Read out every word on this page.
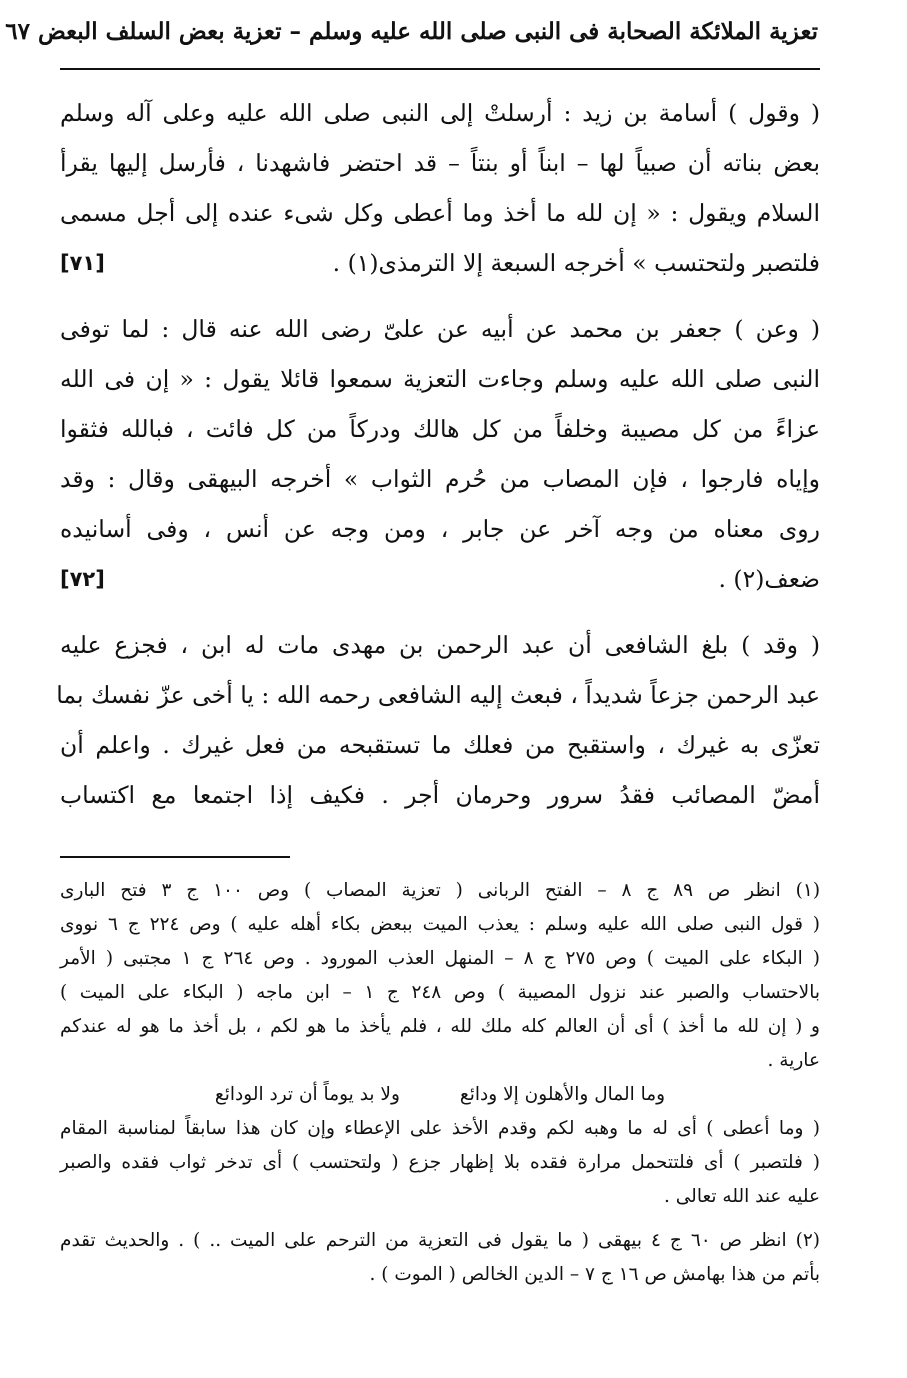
تعزية الملائكة الصحابة فى النبى صلى الله عليه وسلم – تعزية بعض السلف البعض
٦٧
( وقول ) أسامة بن زيد : أرسلتْ إلى النبى صلى الله عليه وعلى آله وسلم
بعض بناته أن صبياً لها – ابناً أو بنتاً – قد احتضر فاشهدنا ، فأرسل إليها يقرأ
السلام ويقول : « إن لله ما أخذ وما أعطى وكل شىء عنده إلى أجل مسمى
فلتصبر ولتحتسب » أخرجه السبعة إلا الترمذى(١) .
[٧١]
( وعن ) جعفر بن محمد عن أبيه عن علىّ رضى الله عنه قال : لما توفى
النبى صلى الله عليه وسلم وجاءت التعزية سمعوا قائلا يقول : « إن فى الله
عزاءً من كل مصيبة وخلفاً من كل هالك ودركاً من كل فائت ، فبالله فثقوا
وإياه فارجوا ، فإن المصاب من حُرم الثواب » أخرجه البيهقى وقال : وقد
روى معناه من وجه آخر عن جابر ، ومن وجه عن أنس ، وفى أسانيده
ضعف(٢) .
[٧٢]
( وقد ) بلغ الشافعى أن عبد الرحمن بن مهدى مات له ابن ، فجزع عليه
عبد الرحمن جزعاً شديداً ، فبعث إليه الشافعى رحمه الله : يا أخى عزّ نفسك بما
تعزّى به غيرك ، واستقبح من فعلك ما تستقبحه من فعل غيرك . واعلم أن
أمضّ المصائب فقدُ سرور وحرمان أجر . فكيف إذا اجتمعا مع اكتساب
(١) انظر ص ٨٩ ج ٨ – الفتح الربانى ( تعزية المصاب ) وص ١٠٠ ج ٣ فتح البارى
( قول النبى صلى الله عليه وسلم : يعذب الميت ببعض بكاء أهله عليه ) وص ٢٢٤ ج ٦ نووى
( البكاء على الميت ) وص ٢٧٥ ج ٨ – المنهل العذب المورود . وص ٢٦٤ ج ١ مجتبى ( الأمر
بالاحتساب والصبر عند نزول المصيبة ) وص ٢٤٨ ج ١ – ابن ماجه ( البكاء على الميت )
و ( إن لله ما أخذ ) أى أن العالم كله ملك لله ، فلم يأخذ ما هو لكم ، بل أخذ ما هو له عندكم
عارية .
وما المال والأهلون إلا ودائع
ولا بد يوماً أن ترد الودائع
( وما أعطى ) أى له ما وهبه لكم وقدم الأخذ على الإعطاء وإن كان هذا سابقاً لمناسبة المقام
( فلتصبر ) أى فلتتحمل مرارة فقده بلا إظهار جزع ( ولتحتسب ) أى تدخر ثواب فقده والصبر
عليه عند الله تعالى .
(٢) انظر ص ٦٠ ج ٤ بيهقى ( ما يقول فى التعزية من الترحم على الميت .. ) . والحديث تقدم
بأتم من هذا بهامش ص ١٦ ج ٧ – الدين الخالص ( الموت ) .
